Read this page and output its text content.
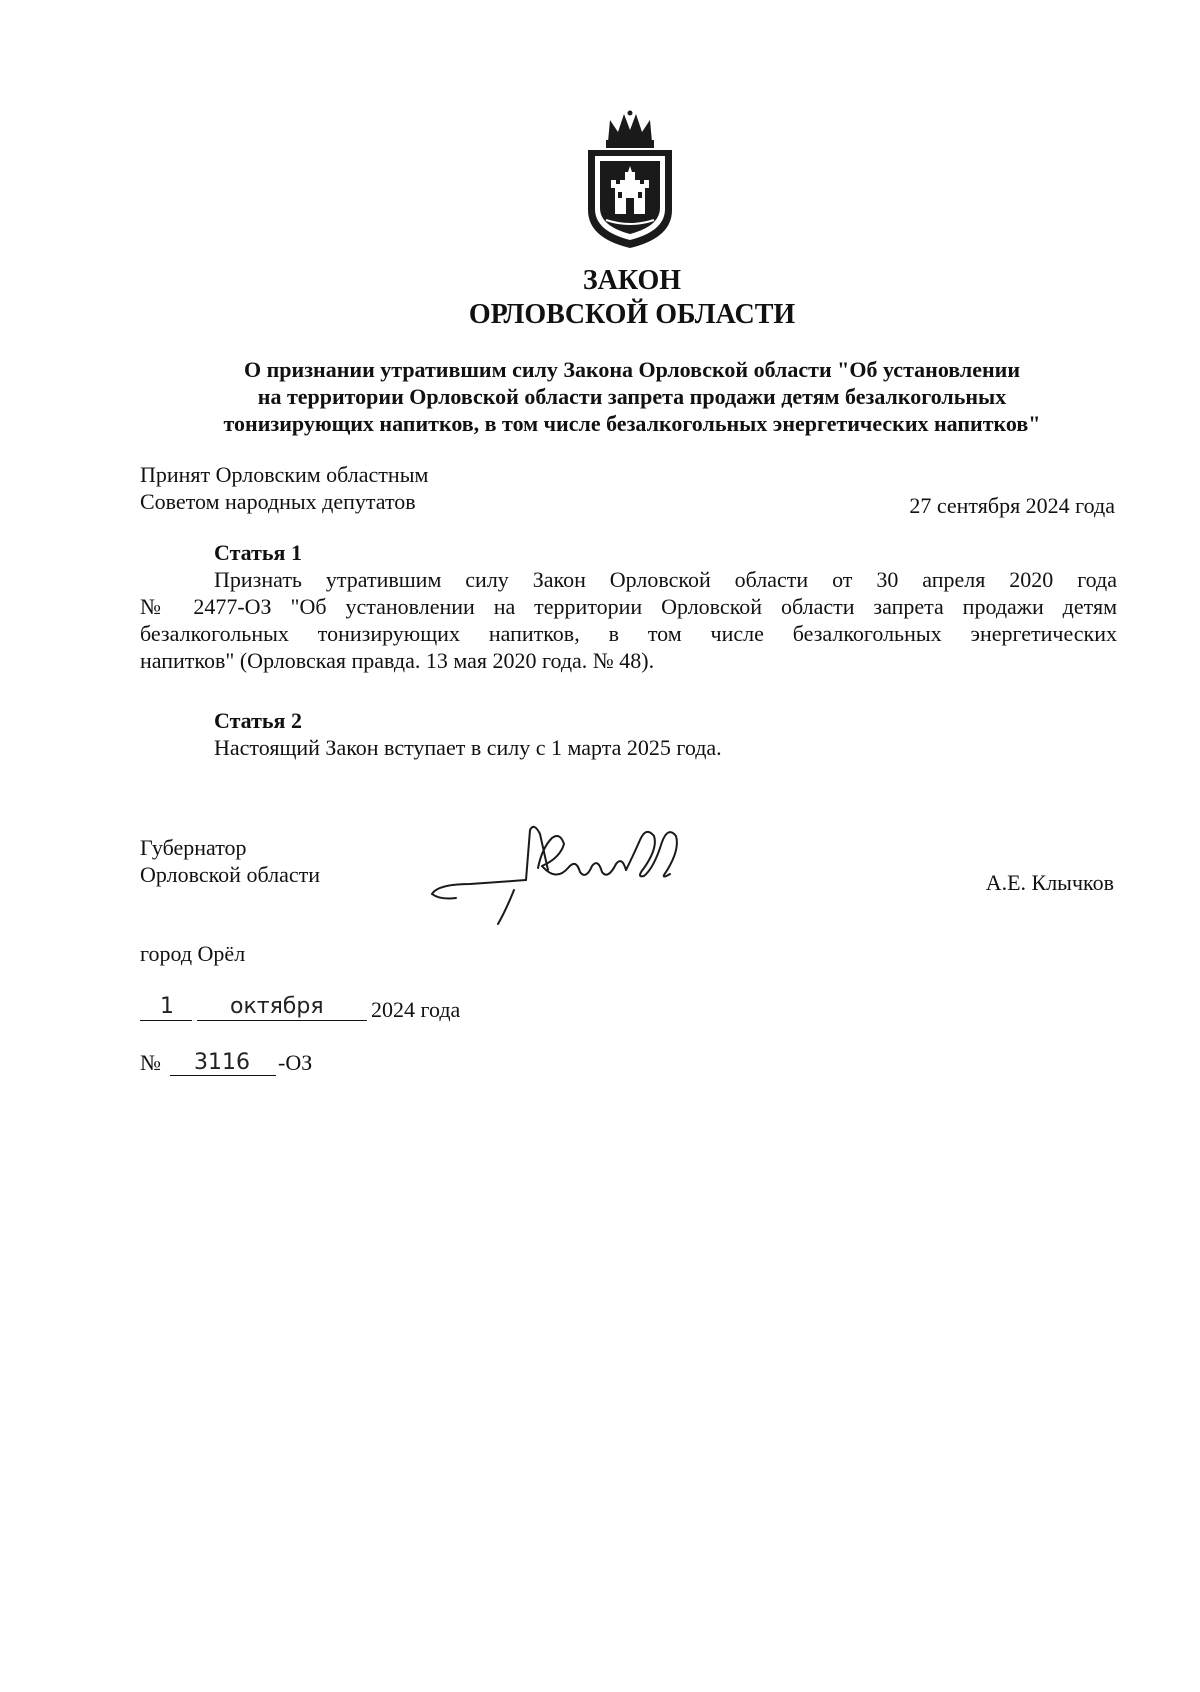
ЗАКОН
ОРЛОВСКОЙ ОБЛАСТИ
О признании утратившим силу Закона Орловской области "Об установлении
на территории Орловской области запрета продажи детям безалкогольных
тонизирующих напитков, в том числе безалкогольных энергетических напитков"
Принят Орловским областным
Советом народных депутатов	27 сентября 2024 года
Статья 1
Признать утратившим силу Закон Орловской области от 30 апреля 2020 года
№ 2477-ОЗ "Об установлении на территории Орловской области запрета продажи детям
безалкогольных тонизирующих напитков, в том числе безалкогольных энергетических
напитков" (Орловская правда. 13 мая 2020 года. № 48).
Статья 2
Настоящий Закон вступает в силу с 1 марта 2025 года.
Губернатор
Орловской области	А.Е. Клычков
город Орёл
1	октября 2024 года
№ 3116 -ОЗ
